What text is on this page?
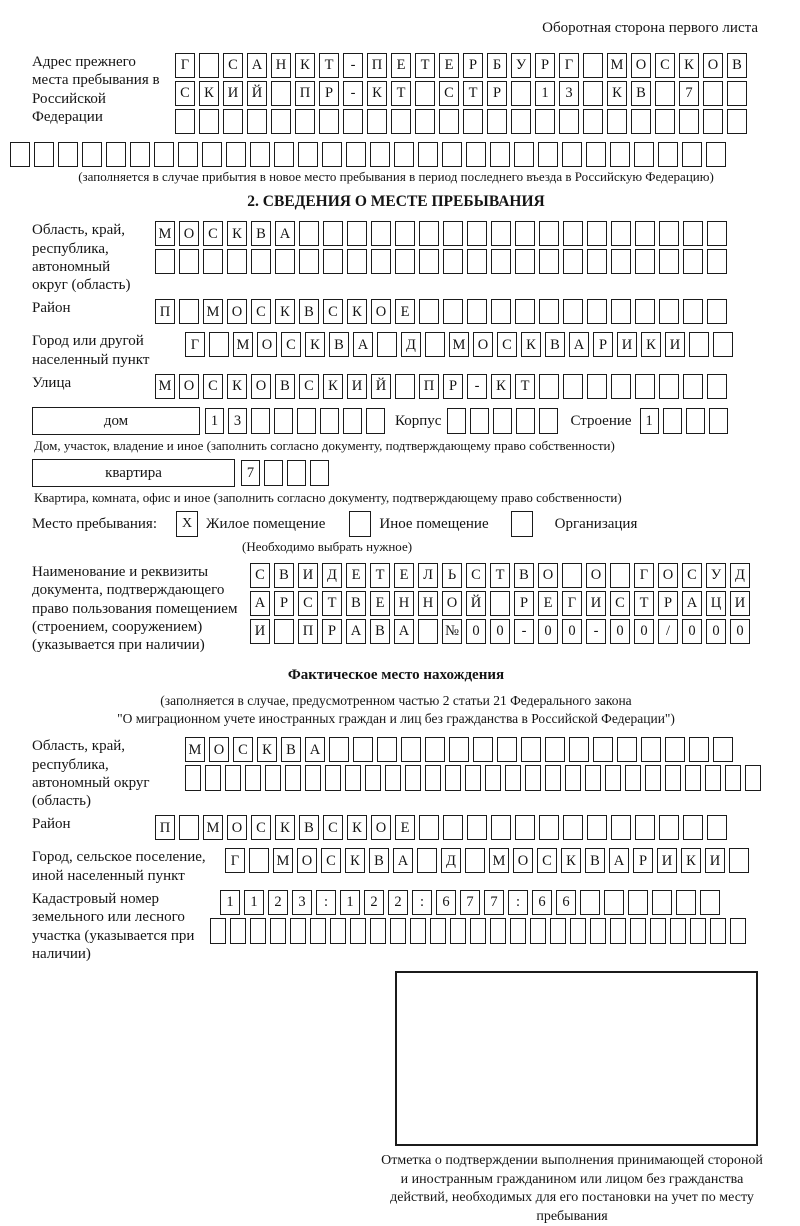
Оборотная сторона первого листа
Адрес прежнего места пребывания в Российской Федерации
Г	С А Н К	Т	-	П Е	Т	Е	Р	Б	У	Р	Г	М О С К О В
С К И Й	П	Р	-	К	Т	С	Т	Р	1	3	К В	7
(заполняется в случае прибытия в новое место пребывания в период последнего въезда в Российскую Федерацию)
2. СВЕДЕНИЯ О МЕСТЕ ПРЕБЫВАНИЯ
Область, край, республика, автономный округ (область)
М О С К В А
Район	П	М О С К В С К О Е
Город или другой населенный пункт
Г	М О С К В А	Д	М О С К В А	Р	И К И
Улица	М О С К О В С К И Й	П	Р	-	К	Т
дом	1	3	Корпус	Строение 1
Дом, участок, владение и иное (заполнить согласно документу, подтверждающему право собственности)
квартира	7
Квартира, комната, офис и иное (заполнить согласно документу, подтверждающему право собственности)
Место пребывания:	X Жилое помещение	Иное помещение	Организация
(Необходимо выбрать нужное)
Наименование и реквизиты документа, подтверждающего право пользования помещением (строением, сооружением) (указывается при наличии)
С В И Д	Е	Т	Е	Л	Ь	С	Т	В О	О	Г	О С У Д
А	Р	С	Т	В	Е Н Н О Й	Р	Е	Г	И С	Т	Р	А Ц И
И	П	Р	А В А	№ 0	0	-	0	0	-	0	0	/	0	0	0
Фактическое место нахождения
(заполняется в случае, предусмотренном частью 2 статьи 21 Федерального закона
"О миграционном учете иностранных граждан и лиц без гражданства в Российской Федерации")
Область, край, республика, автономный округ (область)
М О С К В А
Район	П	М О С К В С К О Е
Город, сельское поселение, иной населенный пункт
Г	М О С К В А	Д	М О С К В А	Р	И К И
Кадастровый номер земельного или лесного участка (указывается при наличии)
1	1	2	3	:	1	2	2	:	6	7	7	:	6	6
Отметка о подтверждении выполнения принимающей стороной и иностранным гражданином или лицом без гражданства действий, необходимых для его постановки на учет по месту пребывания
